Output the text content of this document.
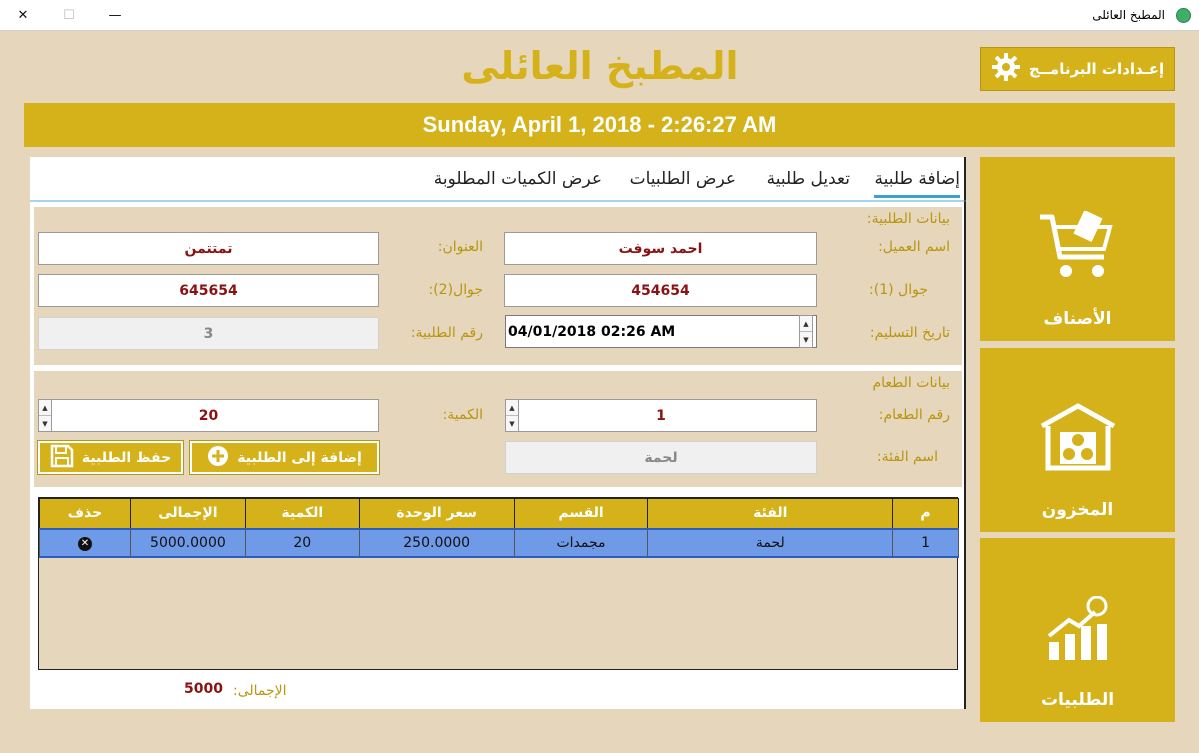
✕	☐	—	المطبخ العائلى
المطبخ العائلى	إعـدادات البرنامــج
Sunday, April 1, 2018 - 2:26:27 AM
الأصناف
المخزون
الطلبيات
إضافة طلبية
تعديل طلبية
عرض الطلبيات
عرض الكميات المطلوبة
بيانات الطلبية:
اسم العميل:
احمد سوفت
العنوان:
تمتتمن
جوال (1):
454654
جوال(2):
645654
تاريخ التسليم:
04/01/2018 02:26 AM	▲
▼
رقم الطلبية:
3
بيانات الطعام
رقم الطعام:
1
▲
▼
الكمية:
20
▲
▼
اسم الفئة:
لحمة
إضافة إلى الطلبية
حفظ الطلبية
م	الفئة	القسم	سعر الوحدة	الكمية	الإجمالى	حذف
1	لحمة	مجمدات	250.0000	20	5000.0000	✕
الإجمالى:
5000
